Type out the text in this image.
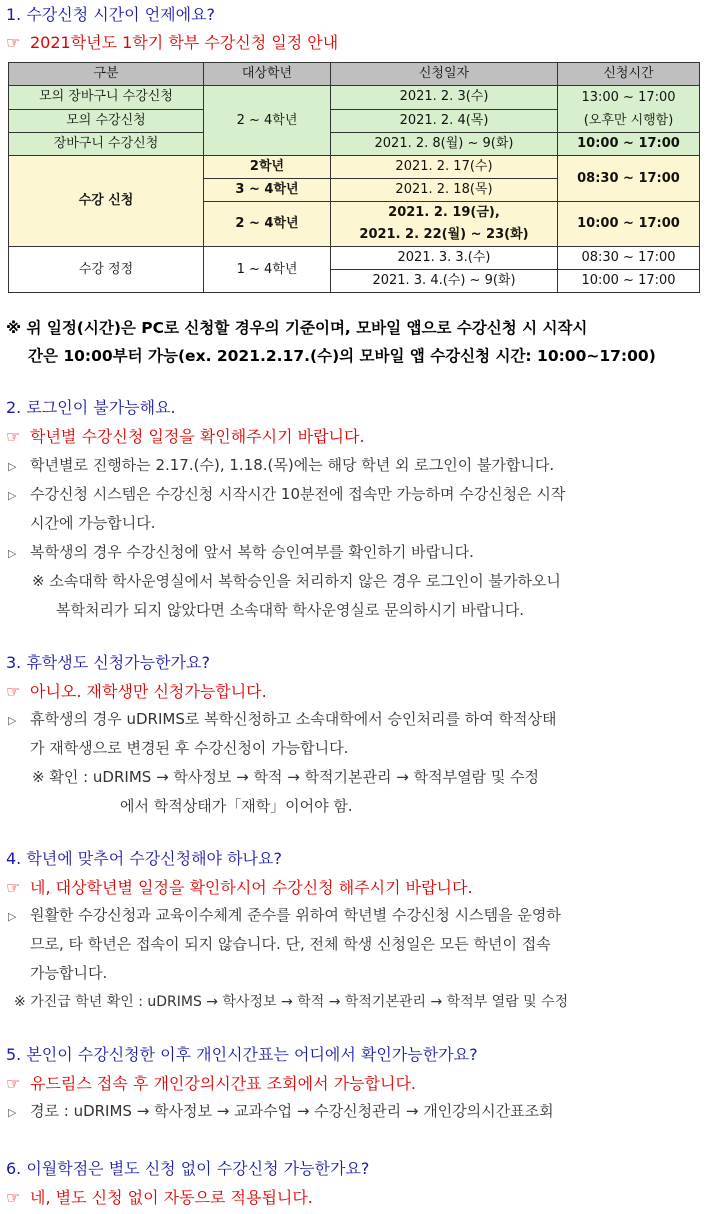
1. 수강신청 시간이 언제에요?
☞ 2021학년도 1학기 학부 수강신청 일정 안내
구분	대상학년	신청일자	신청시간
모의 장바구니 수강신청	2 ~ 4학년	2021. 2. 3(수)	13:00 ~ 17:00
(오후만 시행함)

모의 수강신청		2021. 2. 4(목)	
장바구니 수강신청		2021. 2. 8(월) ~ 9(화)	10:00 ~ 17:00
수강 신청	2학년	2021. 2. 17(수)	08:30 ~ 17:00
	3 ~ 4학년	2021. 2. 18(목)	
	2 ~ 4학년	2021. 2. 19(금),
2021. 2. 22(월) ~ 23(화)	10:00 ~ 17:00

수강 정정	1 ~ 4학년	2021. 3. 3.(수)	08:30 ~ 17:00
		2021. 3. 4.(수) ~ 9(화)	10:00 ~ 17:00
※ 위 일정(시간)은 PC로 신청할 경우의 기준이며, 모바일 앱으로 수강신청 시 시작시
간은 10:00부터 가능(ex. 2021.2.17.(수)의 모바일 앱 수강신청 시간: 10:00~17:00)
2. 로그인이 불가능해요.
☞ 학년별 수강신청 일정을 확인해주시기 바랍니다.
▷ 학년별로 진행하는 2.17.(수), 1.18.(목)에는 해당 학년 외 로그인이 불가합니다.
▷ 수강신청 시스템은 수강신청 시작시간 10분전에 접속만 가능하며 수강신청은 시작
시간에 가능합니다.
▷ 복학생의 경우 수강신청에 앞서 복학 승인여부를 확인하기 바랍니다.
※ 소속대학 학사운영실에서 복학승인을 처리하지 않은 경우 로그인이 불가하오니
복학처리가 되지 않았다면 소속대학 학사운영실로 문의하시기 바랍니다.
3. 휴학생도 신청가능한가요?
☞ 아니오. 재학생만 신청가능합니다.
▷ 휴학생의 경우 uDRIMS로 복학신청하고 소속대학에서 승인처리를 하여 학적상태
가 재학생으로 변경된 후 수강신청이 가능합니다.
※ 확인 : uDRIMS → 학사정보 → 학적 → 학적기본관리 → 학적부열람 및 수정
에서 학적상태가「재학」이어야 함.
4. 학년에 맞추어 수강신청해야 하나요?
☞ 네, 대상학년별 일정을 확인하시어 수강신청 해주시기 바랍니다.
▷ 원활한 수강신청과 교육이수체계 준수를 위하여 학년별 수강신청 시스템을 운영하
므로, 타 학년은 접속이 되지 않습니다. 단, 전체 학생 신청일은 모든 학년이 접속
가능합니다.
※ 가진급 학년 확인 : uDRIMS → 학사정보 → 학적 → 학적기본관리 → 학적부 열람 및 수정
5. 본인이 수강신청한 이후 개인시간표는 어디에서 확인가능한가요?
☞ 유드림스 접속 후 개인강의시간표 조회에서 가능합니다.
▷ 경로 : uDRIMS → 학사정보 → 교과수업 → 수강신청관리 → 개인강의시간표조회
6. 이월학점은 별도 신청 없이 수강신청 가능한가요?
☞ 네, 별도 신청 없이 자동으로 적용됩니다.
